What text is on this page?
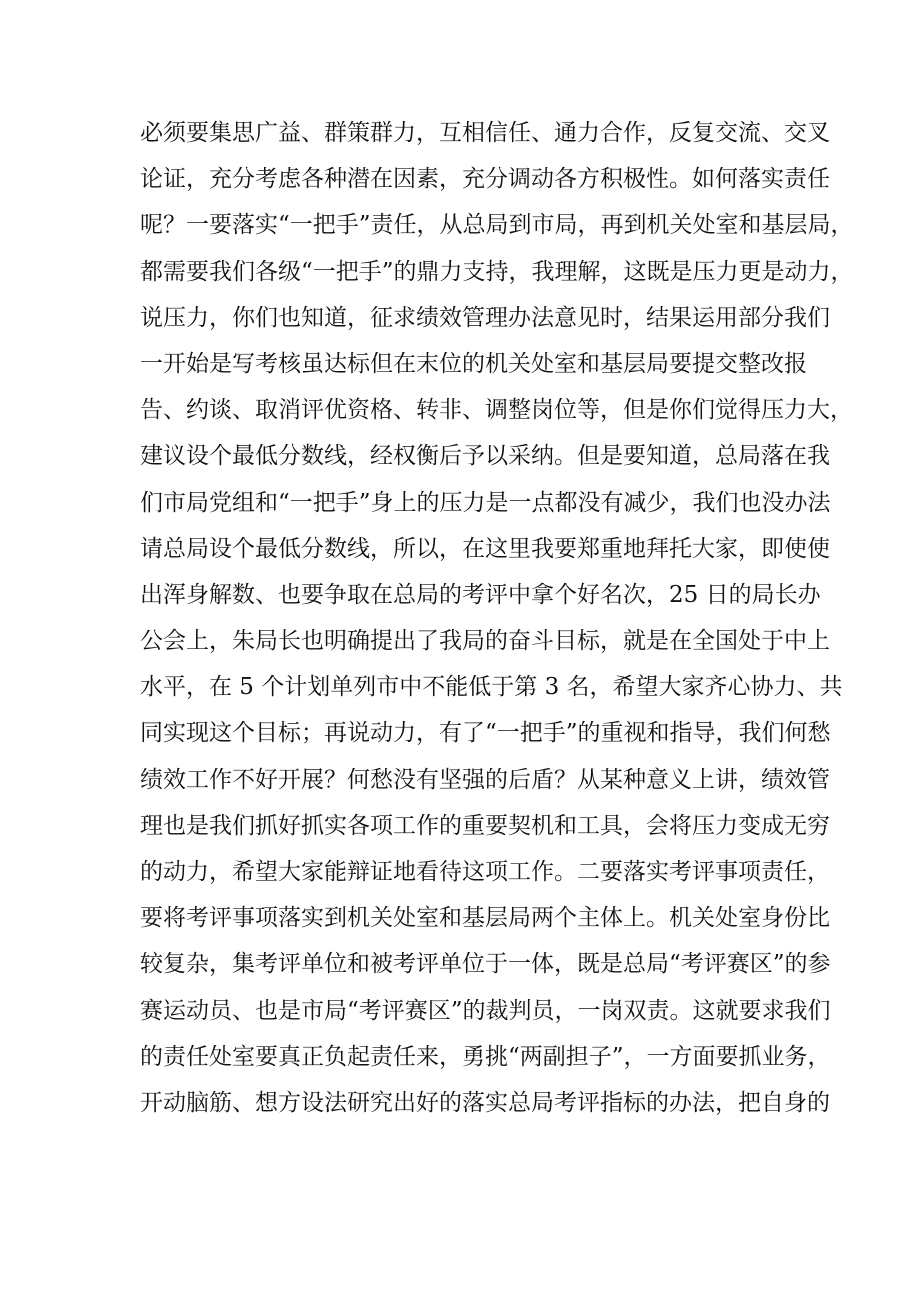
必须要集思广益、群策群力，互相信任、通力合作，反复交流、交叉
论证，充分考虑各种潜在因素，充分调动各方积极性。如何落实责任
呢？一要落实“一把手”责任，从总局到市局，再到机关处室和基层局，
都需要我们各级“一把手”的鼎力支持，我理解，这既是压力更是动力，
说压力，你们也知道，征求绩效管理办法意见时，结果运用部分我们
一开始是写考核虽达标但在末位的机关处室和基层局要提交整改报
告、约谈、取消评优资格、转非、调整岗位等，但是你们觉得压力大，
建议设个最低分数线，经权衡后予以采纳。但是要知道，总局落在我
们市局党组和“一把手”身上的压力是一点都没有减少，我们也没办法
请总局设个最低分数线，所以，在这里我要郑重地拜托大家，即使使
出浑身解数、也要争取在总局的考评中拿个好名次，25 日的局长办
公会上，朱局长也明确提出了我局的奋斗目标，就是在全国处于中上
水平，在 5 个计划单列市中不能低于第 3 名，希望大家齐心协力、共
同实现这个目标；再说动力，有了“一把手”的重视和指导，我们何愁
绩效工作不好开展？何愁没有坚强的后盾？从某种意义上讲，绩效管
理也是我们抓好抓实各项工作的重要契机和工具，会将压力变成无穷
的动力，希望大家能辩证地看待这项工作。二要落实考评事项责任，
要将考评事项落实到机关处室和基层局两个主体上。机关处室身份比
较复杂，集考评单位和被考评单位于一体，既是总局“考评赛区”的参
赛运动员、也是市局“考评赛区”的裁判员，一岗双责。这就要求我们
的责任处室要真正负起责任来，勇挑“两副担子”，一方面要抓业务，
开动脑筋、想方设法研究出好的落实总局考评指标的办法，把自身的
